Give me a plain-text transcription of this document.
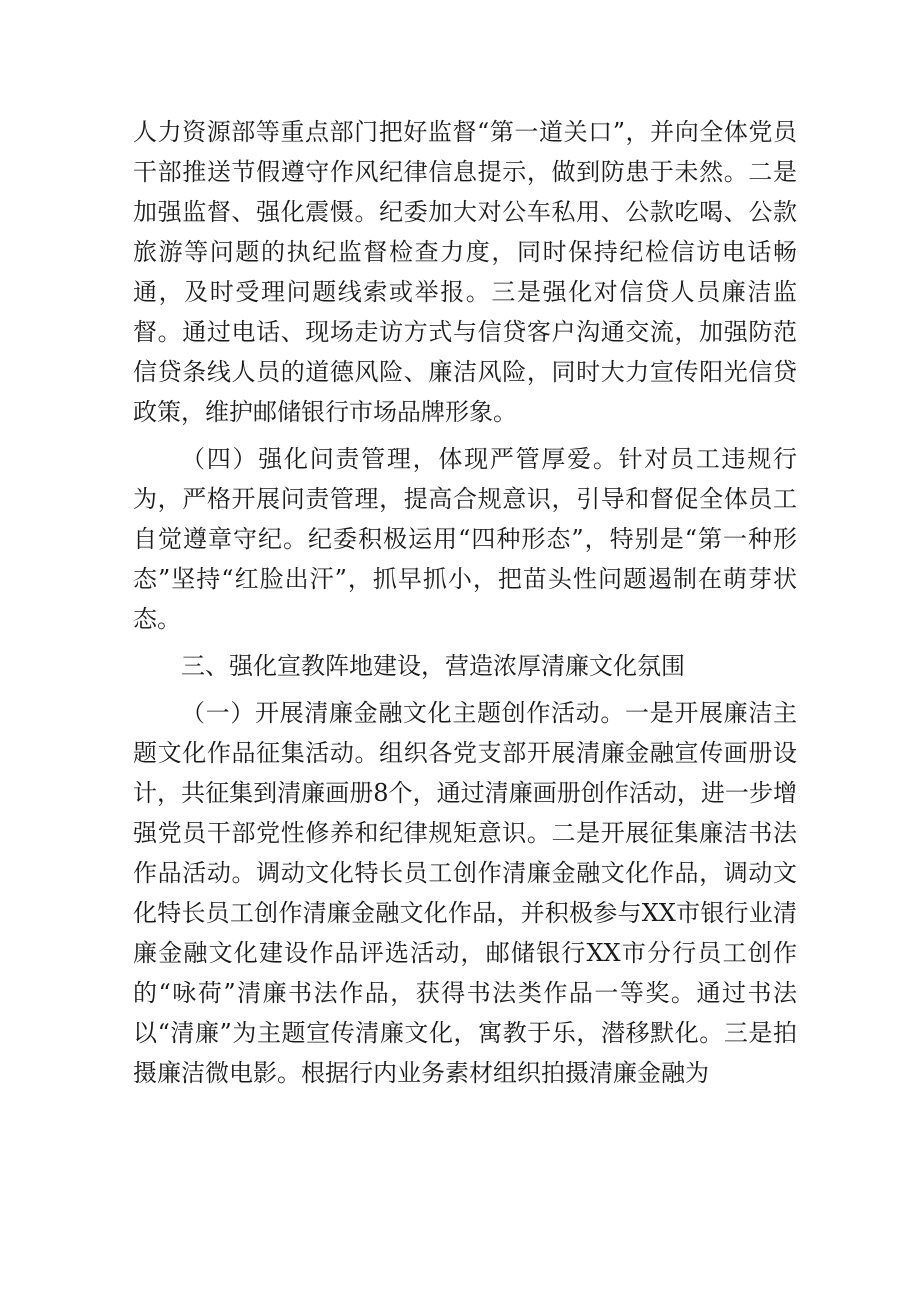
人力资源部等重点部门把好监督“第一道关口”，并向全体党员干部推送节假遵守作风纪律信息提示，做到防患于未然。二是加强监督、强化震慑。纪委加大对公车私用、公款吃喝、公款旅游等问题的执纪监督检查力度，同时保持纪检信访电话畅通，及时受理问题线索或举报。三是强化对信贷人员廉洁监督。通过电话、现场走访方式与信贷客户沟通交流，加强防范信贷条线人员的道德风险、廉洁风险，同时大力宣传阳光信贷政策，维护邮储银行市场品牌形象。

（四）强化问责管理，体现严管厚爱。针对员工违规行为，严格开展问责管理，提高合规意识，引导和督促全体员工自觉遵章守纪。纪委积极运用“四种形态”，特别是“第一种形态”坚持“红脸出汗”，抓早抓小，把苗头性问题遏制在萌芽状态。

三、强化宣教阵地建设，营造浓厚清廉文化氛围

（一）开展清廉金融文化主题创作活动。一是开展廉洁主题文化作品征集活动。组织各党支部开展清廉金融宣传画册设计，共征集到清廉画册8个，通过清廉画册创作活动，进一步增强党员干部党性修养和纪律规矩意识。二是开展征集廉洁书法作品活动。调动文化特长员工创作清廉金融文化作品，调动文化特长员工创作清廉金融文化作品，并积极参与XX市银行业清廉金融文化建设作品评选活动，邮储银行XX市分行员工创作的“咏荷”清廉书法作品，获得书法类作品一等奖。通过书法以“清廉”为主题宣传清廉文化，寓教于乐，潜移默化。三是拍摄廉洁微电影。根据行内业务素材组织拍摄清廉金融为
